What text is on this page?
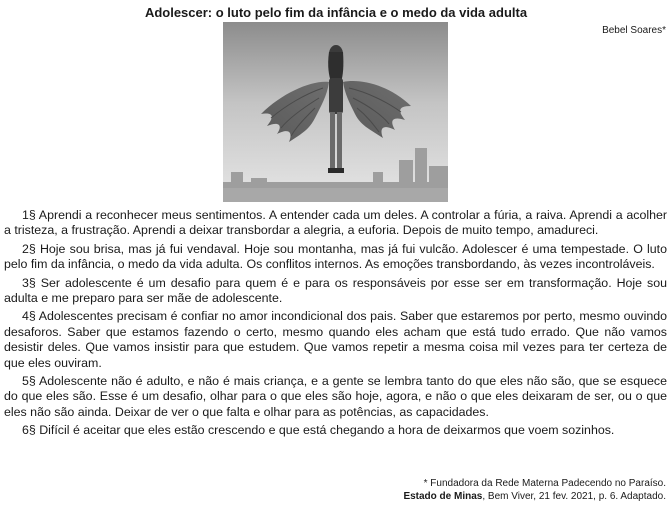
Adolescer: o luto pelo fim da infância e o medo da vida adulta
Bebel Soares*

1§ Aprendi a reconhecer meus sentimentos. A entender cada um deles. A controlar a fúria, a raiva. Aprendi a acolher a tristeza, a frustração. Aprendi a deixar transbordar a alegria, a euforia. Depois de muito tempo, amadureci.

2§ Hoje sou brisa, mas já fui vendaval. Hoje sou montanha, mas já fui vulcão. Adolescer é uma tempestade. O luto pelo fim da infância, o medo da vida adulta. Os conflitos internos. As emoções transbordando, às vezes incontroláveis.

3§ Ser adolescente é um desafio para quem é e para os responsáveis por esse ser em transformação. Hoje sou adulta e me preparo para ser mãe de adolescente.

4§ Adolescentes precisam é confiar no amor incondicional dos pais. Saber que estaremos por perto, mesmo ouvindo desaforos. Saber que estamos fazendo o certo, mesmo quando eles acham que está tudo errado. Que não vamos desistir deles. Que vamos insistir para que estudem. Que vamos repetir a mesma coisa mil vezes para ter certeza de que eles ouviram.

5§ Adolescente não é adulto, e não é mais criança, e a gente se lembra tanto do que eles não são, que se esquece do que eles são. Esse é um desafio, olhar para o que eles são hoje, agora, e não o que eles deixaram de ser, ou o que eles não são ainda. Deixar de ver o que falta e olhar para as potências, as capacidades.

6§ Difícil é aceitar que eles estão crescendo e que está chegando a hora de deixarmos que voem sozinhos.

* Fundadora da Rede Materna Padecendo no Paraíso.
Estado de Minas, Bem Viver, 21 fev. 2021, p. 6. Adaptado.
